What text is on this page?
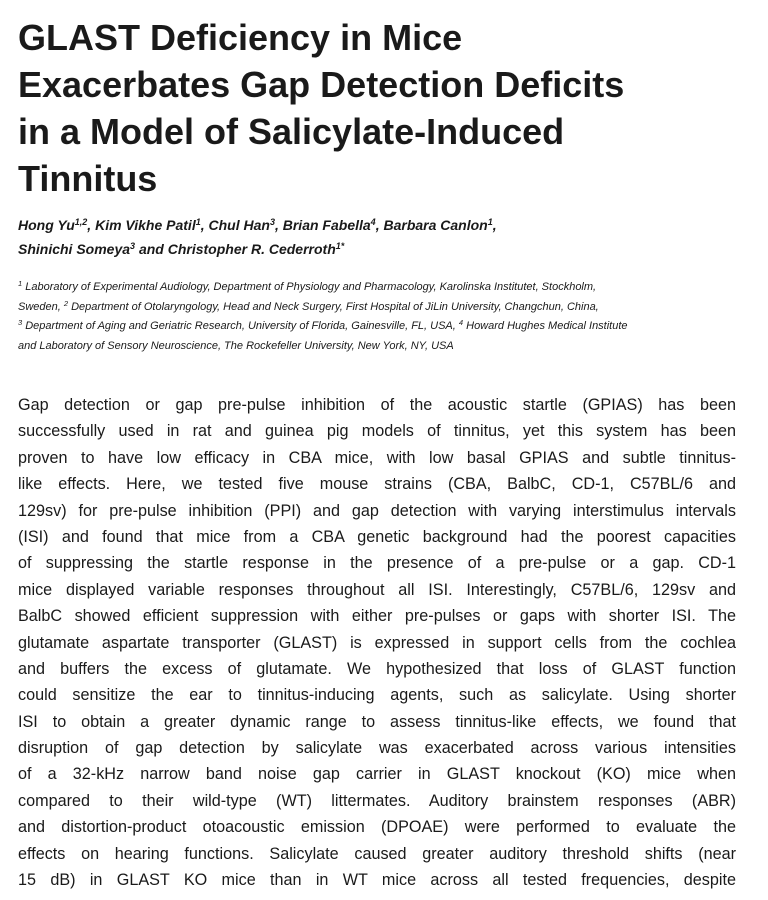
GLAST Deficiency in Mice
Exacerbates Gap Detection Deficits
in a Model of Salicylate-Induced
Tinnitus
Hong Yu$^{1,2}$, Kim Vikhe Patil$^1$, Chul Han$^3$, Brian Fabella$^4$, Barbara Canlon$^1$,
Shinichi Someya$^3$ and Christopher R. Cederroth$^{1*}$
$^1$ Laboratory of Experimental Audiology, Department of Physiology and Pharmacology, Karolinska Institutet, Stockholm,
Sweden, $^2$ Department of Otolaryngology, Head and Neck Surgery, First Hospital of JiLin University, Changchun, China,
$^3$ Department of Aging and Geriatric Research, University of Florida, Gainesville, FL, USA, $^4$ Howard Hughes Medical Institute
and Laboratory of Sensory Neuroscience, The Rockefeller University, New York, NY, USA
Gap detection or gap pre-pulse inhibition of the acoustic startle (GPIAS) has been
successfully used in rat and guinea pig models of tinnitus, yet this system has been
proven to have low efficacy in CBA mice, with low basal GPIAS and subtle tinnitus-
like effects. Here, we tested five mouse strains (CBA, BalbC, CD-1, C57BL/6 and
129sv) for pre-pulse inhibition (PPI) and gap detection with varying interstimulus intervals
(ISI) and found that mice from a CBA genetic background had the poorest capacities
of suppressing the startle response in the presence of a pre-pulse or a gap. CD-1
mice displayed variable responses throughout all ISI. Interestingly, C57BL/6, 129sv and
BalbC showed efficient suppression with either pre-pulses or gaps with shorter ISI. The
glutamate aspartate transporter (GLAST) is expressed in support cells from the cochlea
and buffers the excess of glutamate. We hypothesized that loss of GLAST function
could sensitize the ear to tinnitus-inducing agents, such as salicylate. Using shorter
ISI to obtain a greater dynamic range to assess tinnitus-like effects, we found that
disruption of gap detection by salicylate was exacerbated across various intensities
of a 32-kHz narrow band noise gap carrier in GLAST knockout (KO) mice when
compared to their wild-type (WT) littermates. Auditory brainstem responses (ABR)
and distortion-product otoacoustic emission (DPOAE) were performed to evaluate the
effects on hearing functions. Salicylate caused greater auditory threshold shifts (near
15 dB) in GLAST KO mice than in WT mice across all tested frequencies, despite
